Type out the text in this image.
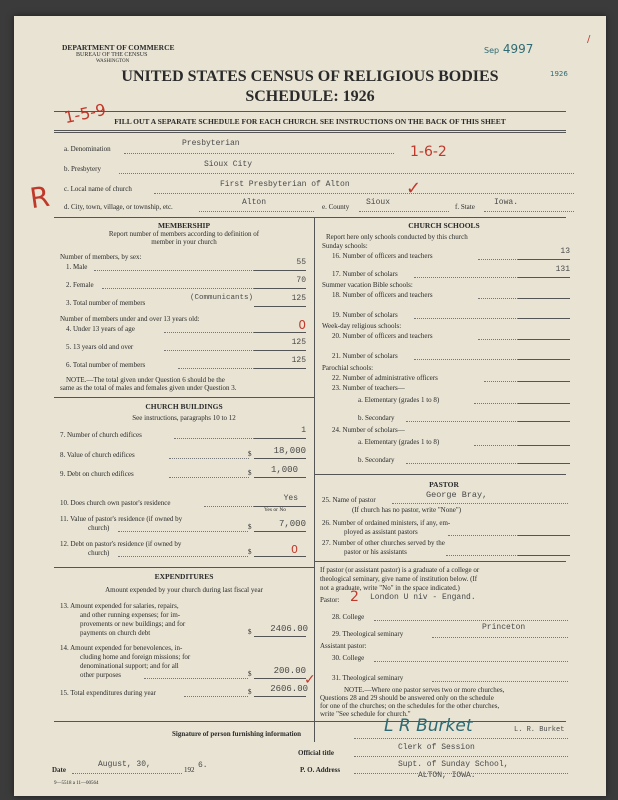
DEPARTMENT OF COMMERCE
BUREAU OF THE CENSUS
WASHINGTON
Sep 4997
1926
/
UNITED STATES CENSUS OF RELIGIOUS BODIES
SCHEDULE: 1926
1-5-9 FILL OUT A SEPARATE SCHEDULE FOR EACH CHURCH. SEE INSTRUCTIONS ON THE BACK OF THIS SHEET
a. Denomination
Presbyterian
1-6-2
b. Presbytery	Sioux City
R c. Local name of church	First Presbyterian of Alton	✓
d. City, town, village, or township, etc.	Alton	e. County Sioux	f. State Iowa.
MEMBERSHIP
Report number of members according to definition of
member in your church
Number of members, by sex:
1. Male	55
2. Female	70
3. Total number of members
(Communicants)	125
Number of members under and over 13 years old:
4. Under 13 years of age	0
5. 13 years old and over	125
6. Total number of members	125
NOTE.—The total given under Question 6 should be the
same as the total of males and females given under Question 3.
CHURCH BUILDINGS
See instructions, paragraphs 10 to 12
7. Number of church edifices	1
8. Value of church edifices	$	18,000
9. Debt on church edifices	$	1,000
10. Does church own pastor's residence	Yes
Yes or No
11. Value of pastor's residence (if owned by
church)	$	7,000
12. Debt on pastor's residence (if owned by
church)	$	0
EXPENDITURES
Amount expended by your church during last fiscal year
13. Amount expended for salaries, repairs,
and other running expenses; for im-
provements or new buildings; and for
payments on church debt	$	2406.00
14. Amount expended for benevolences, in-
cluding home and foreign missions; for
denominational support; and for all
other purposes	$	200.00
15. Total expenditures during year	$	2606.00
✓
CHURCH SCHOOLS
Report here only schools conducted by this church
Sunday schools:
16. Number of officers and teachers	13
17. Number of scholars	131
Summer vacation Bible schools:
18. Number of officers and teachers
19. Number of scholars
Week-day religious schools:
20. Number of officers and teachers
21. Number of scholars
Parochial schools:
22. Number of administrative officers
23. Number of teachers—
a. Elementary (grades 1 to 8)
b. Secondary
24. Number of scholars—
a. Elementary (grades 1 to 8)
b. Secondary
PASTOR
25. Name of pastor	George Bray,
(If church has no pastor, write "None")
26. Number of ordained ministers, if any, em-
ployed as assistant pastors
27. Number of other churches served by the
pastor or his assistants
If pastor (or assistant pastor) is a graduate of a college or
theological seminary, give name of institution below. (If
not a graduate, write "No" in the space indicated.)
Pastor: 2 London U niv - Engand.
28. College
29. Theological seminary
Princeton
Assistant pastor:
30. College
31. Theological seminary
NOTE.—Where one pastor serves two or more churches,
Questions 28 and 29 should be answered only on the schedule
for one of the churches; on the schedules for the other churches,
write "See schedule for church."
Signature of person furnishing information	L R Burket	L. R. Burket
Official title
Clerk of Session
Date
August, 30,
192 6.	P. O. Address
Supt. of Sunday School,
ALTON, IOWA.
9—5518 a 11—00564
